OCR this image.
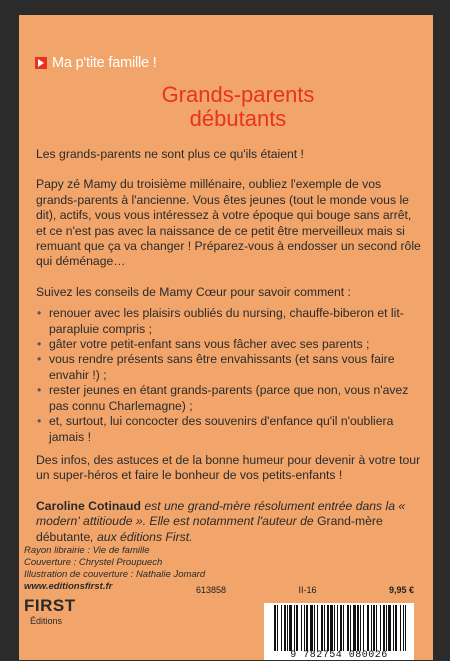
Ma p'tite famille !
Grands-parents
débutants

Les grands-parents ne sont plus ce qu'ils étaient !

Papy zé Mamy du troisième millénaire, oubliez l'exemple de vos grands-parents à l'ancienne. Vous êtes jeunes (tout le monde vous le dit), actifs, vous vous intéressez à votre époque qui bouge sans arrêt, et ce n'est pas avec la naissance de ce petit être merveilleux mais si remuant que ça va changer ! Préparez-vous à endosser un second rôle qui déménage…

Suivez les conseils de Mamy Cœur pour savoir comment :

• renouer avec les plaisirs oubliés du nursing, chauffe-biberon et lit-parapluie compris ;
• gâter votre petit-enfant sans vous fâcher avec ses parents ;
• vous rendre présents sans être envahissants (et sans vous faire envahir !) ;
• rester jeunes en étant grands-parents (parce que non, vous n'avez pas connu Charlemagne) ;
• et, surtout, lui concocter des souvenirs d'enfance qu'il n'oubliera jamais !

Des infos, des astuces et de la bonne humeur pour devenir à votre tour un super-héros et faire le bonheur de vos petits-enfants !

Caroline Cotinaud est une grand-mère résolument entrée dans la « modern' attitioude ». Elle est notamment l'auteur de Grand-mère débutante, aux éditions First.

Rayon librairie : Vie de famille
Couverture : Chrystel Proupuech
Illustration de couverture : Nathalie Jomard
www.editionsfirst.fr
FIRST
Éditions
613858	II-16	9,95 €
9 782754 080026
